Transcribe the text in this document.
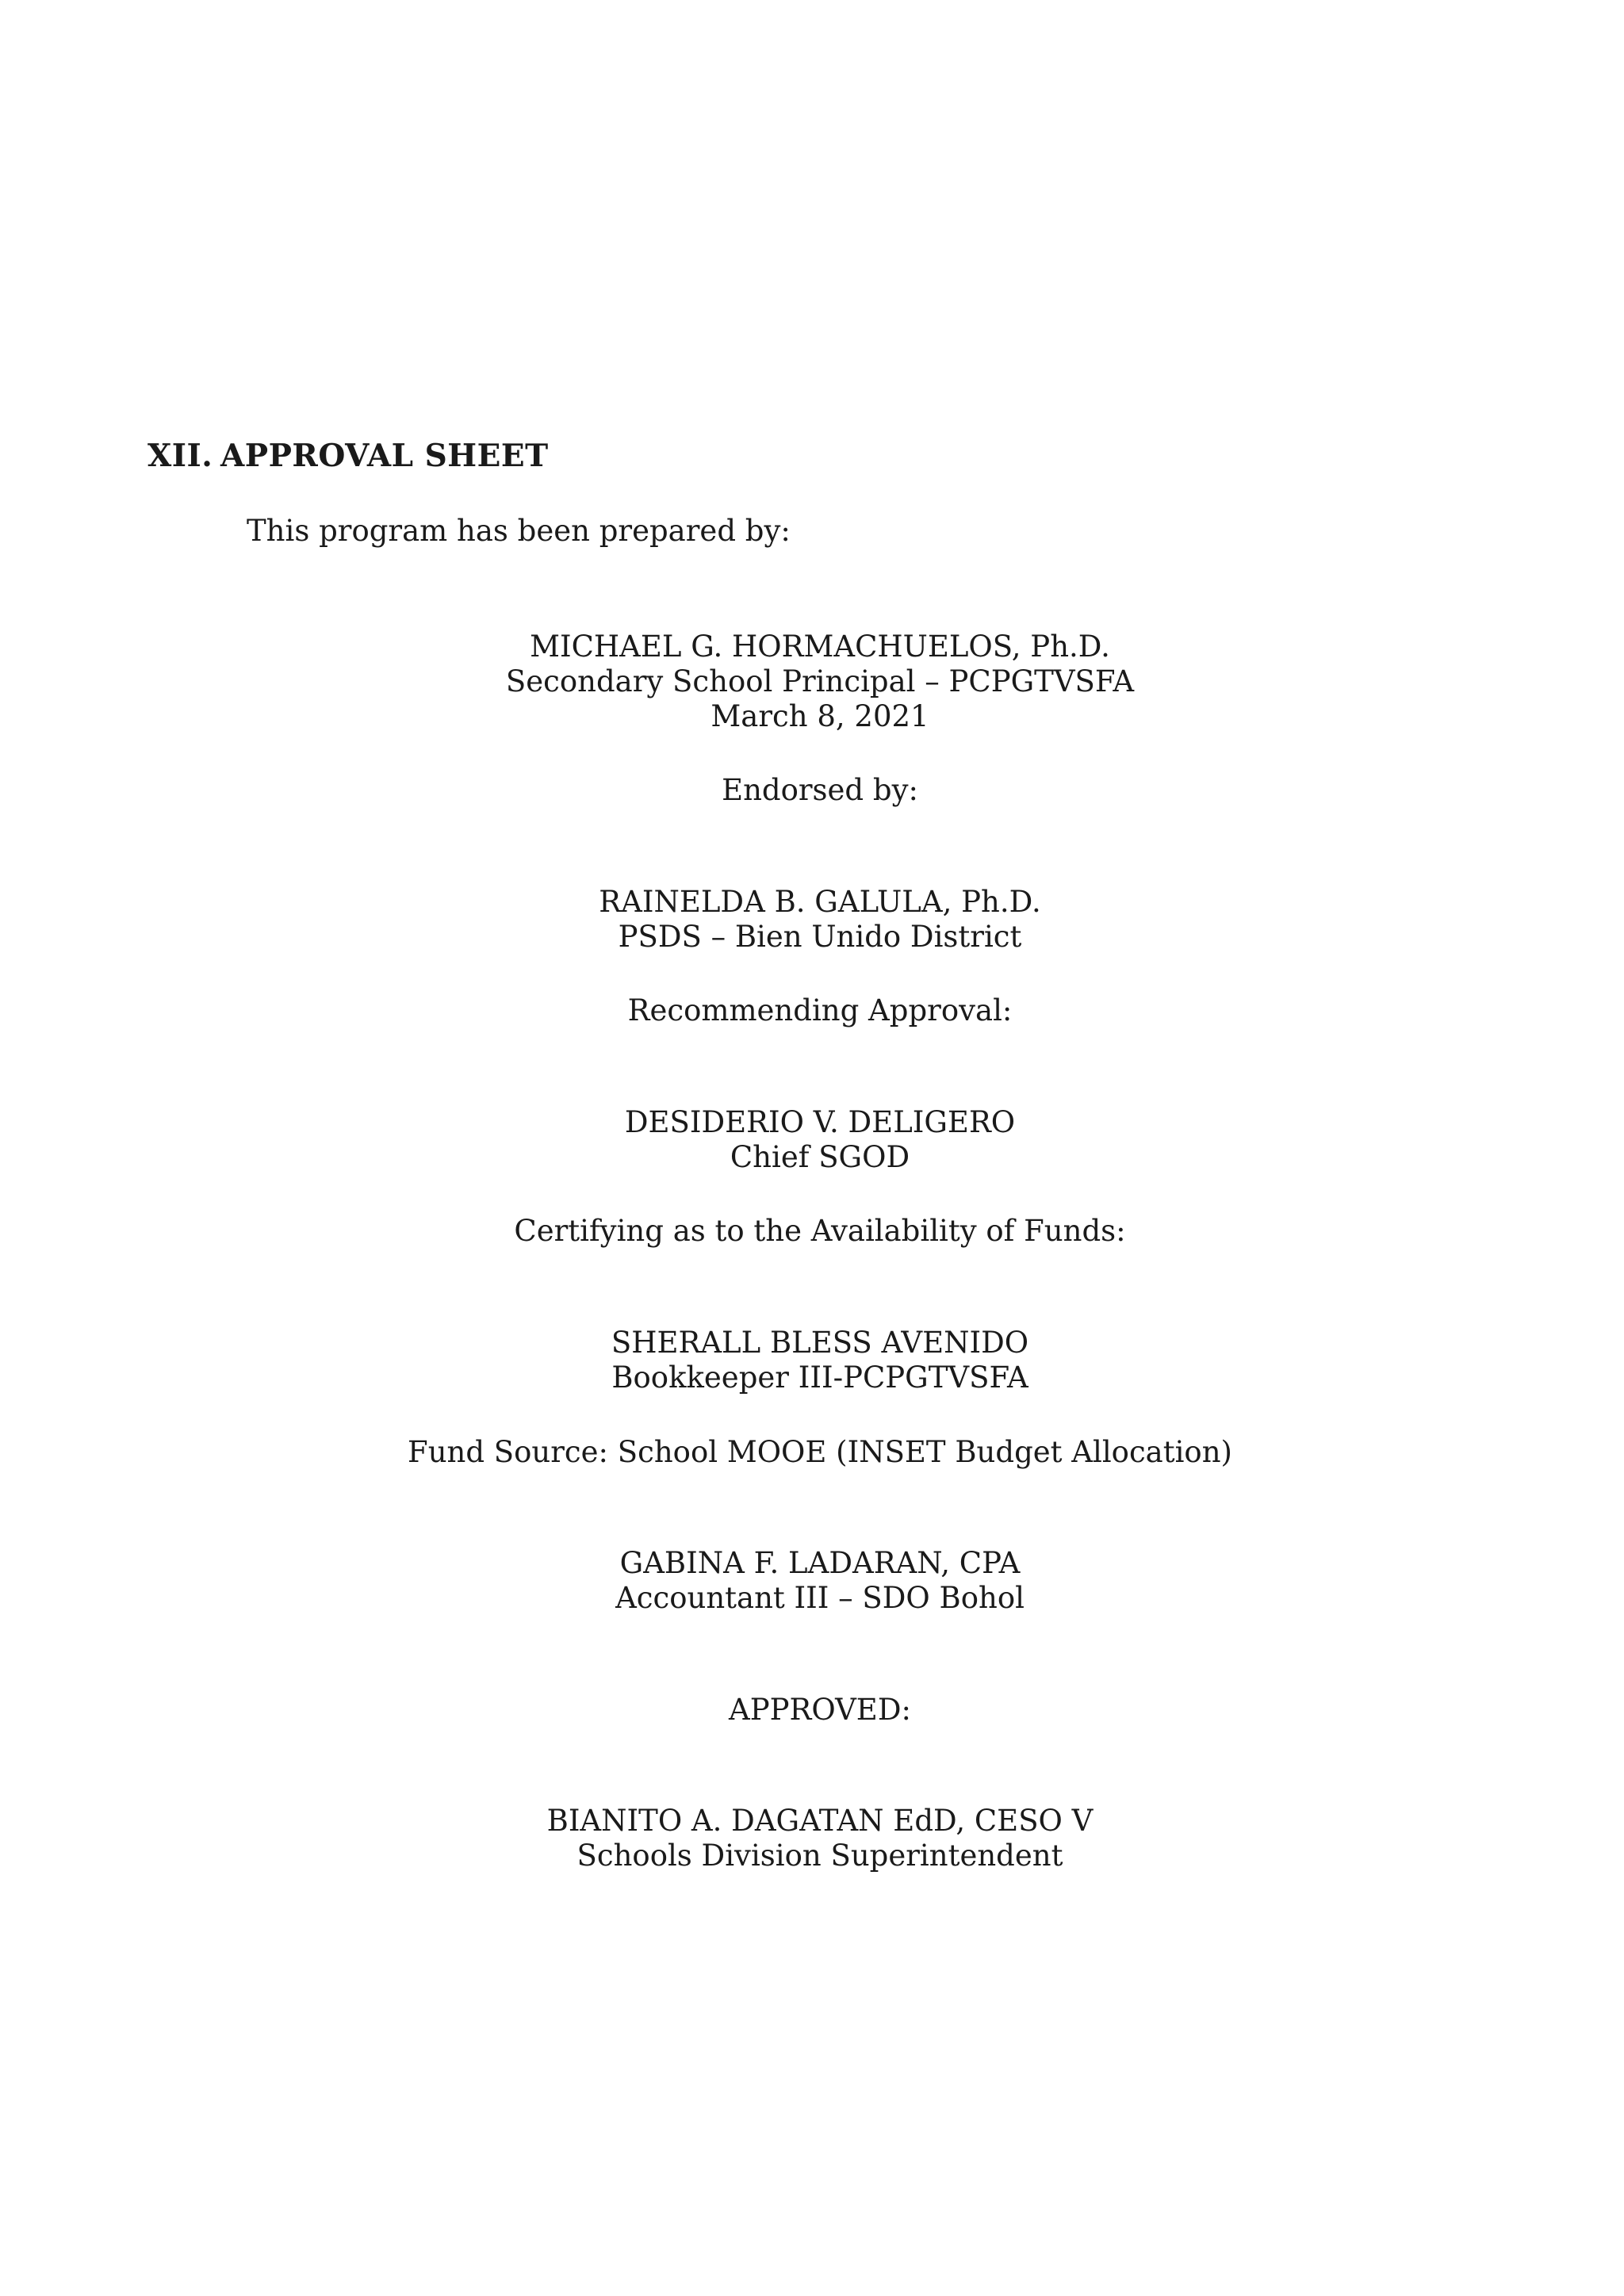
XII. APPROVAL SHEET
This program has been prepared by:
MICHAEL G. HORMACHUELOS, Ph.D.
Secondary School Principal – PCPGTVSFA
March 8, 2021
Endorsed by:
RAINELDA B. GALULA, Ph.D.
PSDS – Bien Unido District
Recommending Approval:
DESIDERIO V. DELIGERO
Chief SGOD
Certifying as to the Availability of Funds:
SHERALL BLESS AVENIDO
Bookkeeper III-PCPGTVSFA
Fund Source: School MOOE (INSET Budget Allocation)
GABINA F. LADARAN, CPA
Accountant III – SDO Bohol
APPROVED:
BIANITO A. DAGATAN EdD, CESO V
Schools Division Superintendent
